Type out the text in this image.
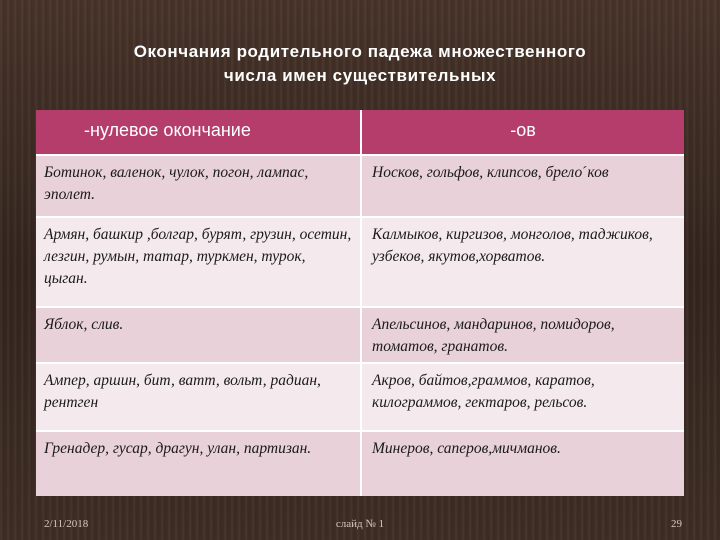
Окончания родительного падежа множественного
числа имен существительных
-нулевое окончание	-ов

Ботинок, валенок, чулок, погон, лампас, эполет.	Носков, гольфов, клипсов, брелоˊков
Армян, башкир ,болгар, бурят, грузин, осетин, лезгин, румын, татар, туркмен, турок, цыган.	Калмыков, киргизов, монголов, таджиков, узбеков, якутов,хорватов.
Яблок, слив.	Апельсинов, мандаринов, помидоров, томатов, гранатов.
Ампер, аршин, бит, ватт, вольт, радиан, рентген	Акров, байтов,граммов, каратов, килограммов, гектаров, рельсов.
Гренадер, гусар, драгун, улан, партизан.	Минеров, саперов,мичманов.
2/11/2018	слайд № 1	29
